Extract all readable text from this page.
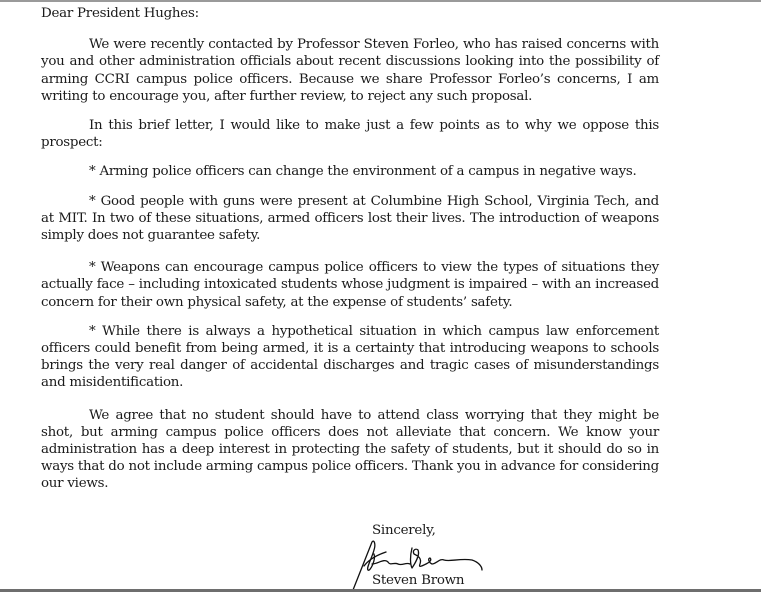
Dear President Hughes:

We were recently contacted by Professor Steven Forleo, who has raised concerns with you and other administration officials about recent discussions looking into the possibility of arming CCRI campus police officers. Because we share Professor Forleo’s concerns, I am writing to encourage you, after further review, to reject any such proposal.

In this brief letter, I would like to make just a few points as to why we oppose this prospect:

* Arming police officers can change the environment of a campus in negative ways.

* Good people with guns were present at Columbine High School, Virginia Tech, and at MIT. In two of these situations, armed officers lost their lives. The introduction of weapons simply does not guarantee safety.

* Weapons can encourage campus police officers to view the types of situations they actually face – including intoxicated students whose judgment is impaired – with an increased concern for their own physical safety, at the expense of students’ safety.

* While there is always a hypothetical situation in which campus law enforcement officers could benefit from being armed, it is a certainty that introducing weapons to schools brings the very real danger of accidental discharges and tragic cases of misunderstandings and misidentification.

We agree that no student should have to attend class worrying that they might be shot, but arming campus police officers does not alleviate that concern. We know your administration has a deep interest in protecting the safety of students, but it should do so in ways that do not include arming campus police officers. Thank you in advance for considering our views.

Sincerely,
Steven Brown
